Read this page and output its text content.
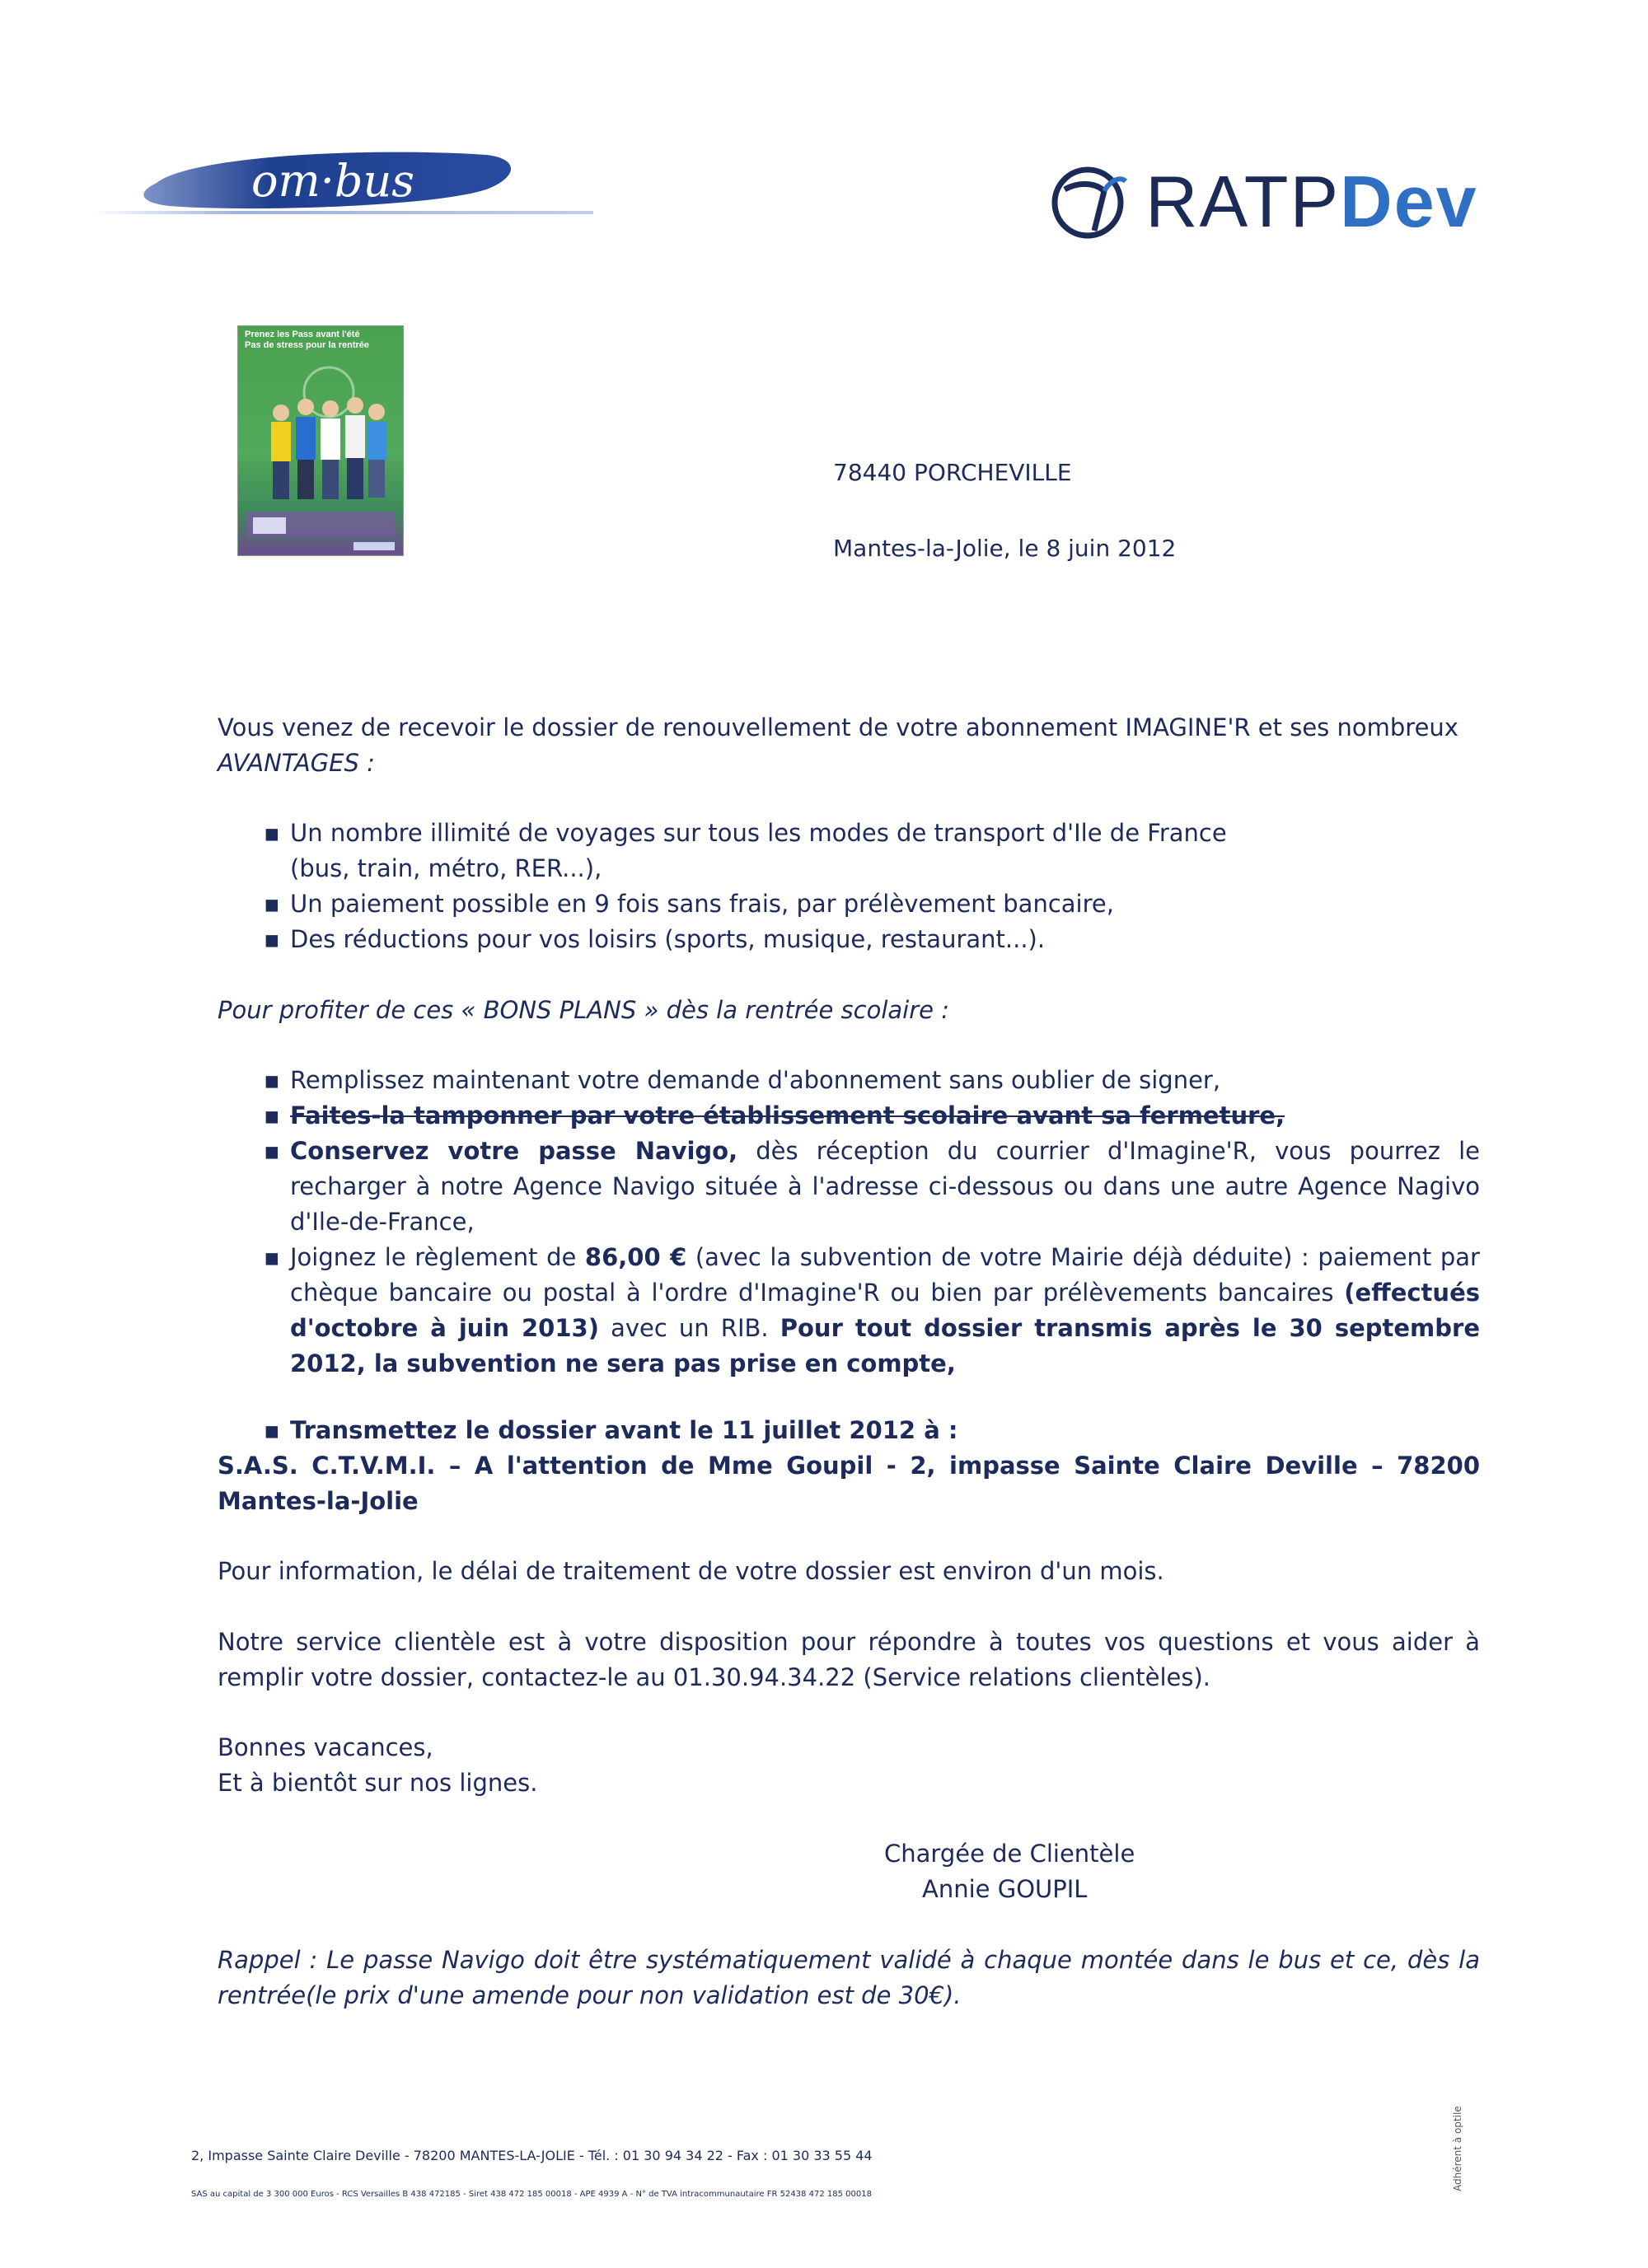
om·bus	RATPDev
Prenez les Pass avant l'été
Pas de stress pour la rentrée
78440 PORCHEVILLE
Mantes-la-Jolie, le 8 juin 2012
Vous venez de recevoir le dossier de renouvellement de votre abonnement IMAGINE'R et ses nombreux
AVANTAGES :
▪ Un nombre illimité de voyages sur tous les modes de transport d'Ile de France (bus, train, métro, RER...),
▪ Un paiement possible en 9 fois sans frais, par prélèvement bancaire,
▪ Des réductions pour vos loisirs (sports, musique, restaurant...).
Pour profiter de ces « BONS PLANS » dès la rentrée scolaire :
▪ Remplissez maintenant votre demande d'abonnement sans oublier de signer,
▪ Faites-la tamponner par votre établissement scolaire avant sa fermeture,
▪ Conservez votre passe Navigo, dès réception du courrier d'Imagine'R, vous pourrez le recharger à notre Agence Navigo située à l'adresse ci-dessous ou dans une autre Agence Nagivo d'Ile-de-France,
▪ Joignez le règlement de 86,00 € (avec la subvention de votre Mairie déjà déduite) : paiement par chèque bancaire ou postal à l'ordre d'Imagine'R ou bien par prélèvements bancaires (effectués d'octobre à juin 2013) avec un RIB. Pour tout dossier transmis après le 30 septembre 2012, la subvention ne sera pas prise en compte,
▪ Transmettez le dossier avant le 11 juillet 2012 à :
S.A.S. C.T.V.M.I. – A l'attention de Mme Goupil - 2, impasse Sainte Claire Deville – 78200 Mantes-la-Jolie
Pour information, le délai de traitement de votre dossier est environ d'un mois.
Notre service clientèle est à votre disposition pour répondre à toutes vos questions et vous aider à remplir votre dossier, contactez-le au 01.30.94.34.22 (Service relations clientèles).
Bonnes vacances,
Et à bientôt sur nos lignes.
Chargée de Clientèle
Annie GOUPIL
Rappel : Le passe Navigo doit être systématiquement validé à chaque montée dans le bus et ce, dès la rentrée(le prix d'une amende pour non validation est de 30€).
2, Impasse Sainte Claire Deville - 78200 MANTES-LA-JOLIE - Tél. : 01 30 94 34 22 - Fax : 01 30 33 55 44
SAS au capital de 3 300 000 Euros - RCS Versailles B 438 472185 - Siret 438 472 185 00018 - APE 4939 A - N° de TVA intracommunautaire FR 52438 472 185 00018
Adhérent à optile
